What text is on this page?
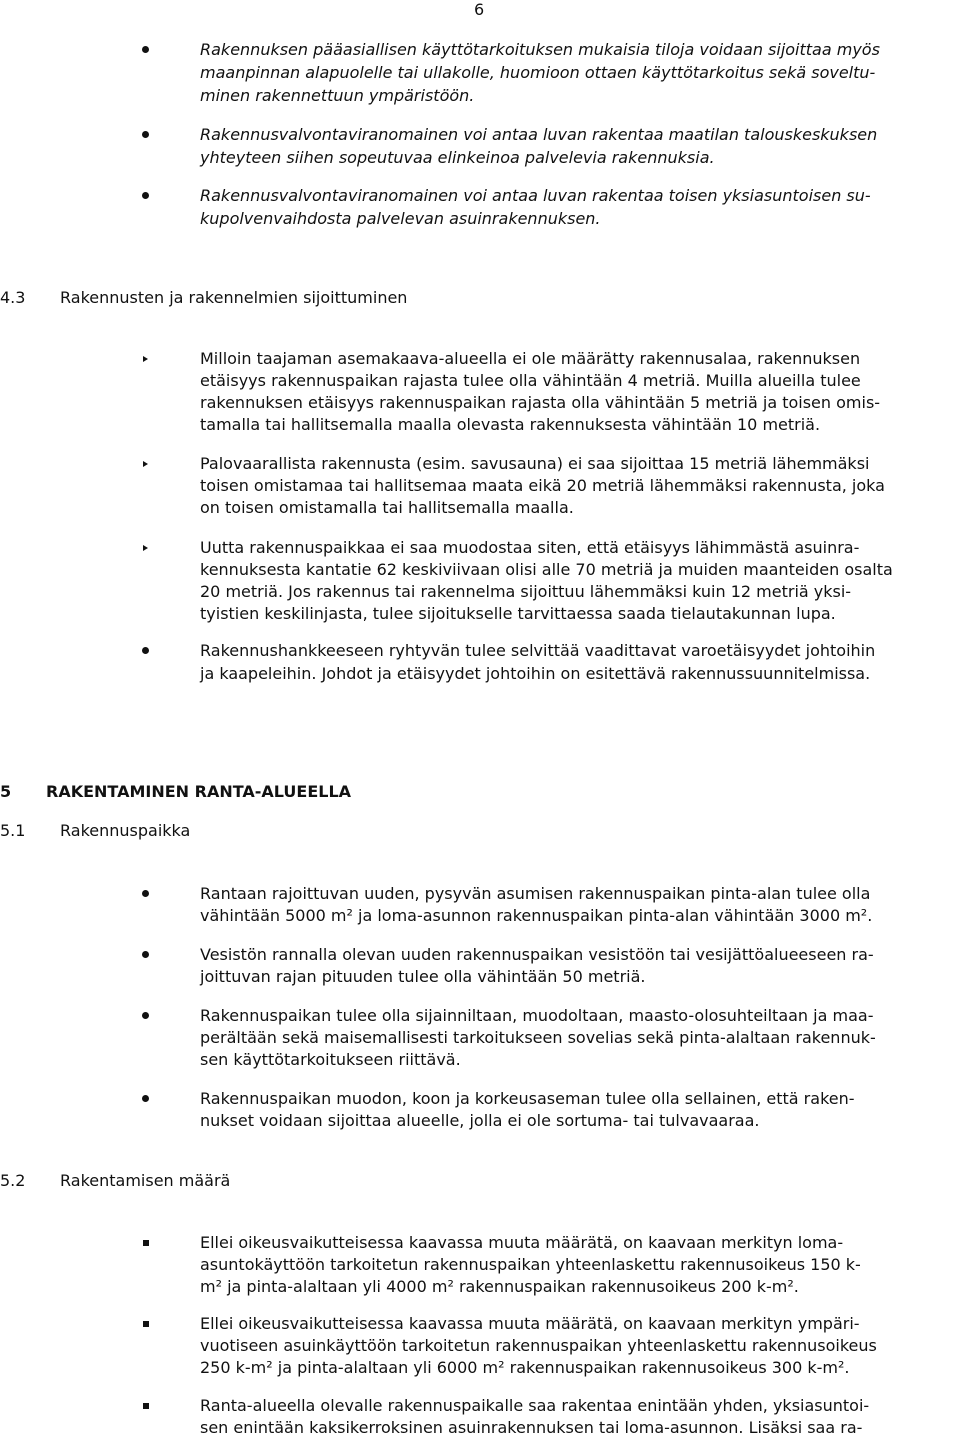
6
Rakennuksen pääasiallisen käyttötarkoituksen mukaisia tiloja voidaan sijoittaa myös
maanpinnan alapuolelle tai ullakolle, huomioon ottaen käyttötarkoitus sekä soveltu-
minen rakennettuun ympäristöön.
Rakennusvalvontaviranomainen voi antaa luvan rakentaa maatilan talouskeskuksen
yhteyteen siihen sopeutuvaa elinkeinoa palvelevia rakennuksia.
Rakennusvalvontaviranomainen voi antaa luvan rakentaa toisen yksiasuntoisen su-
kupolvenvaihdosta palvelevan asuinrakennuksen.
4.3 Rakennusten ja rakennelmien sijoittuminen
Milloin taajaman asemakaava-alueella ei ole määrätty rakennusalaa, rakennuksen
etäisyys rakennuspaikan rajasta tulee olla vähintään 4 metriä. Muilla alueilla tulee
rakennuksen etäisyys rakennuspaikan rajasta olla vähintään 5 metriä ja toisen omis-
tamalla tai hallitsemalla maalla olevasta rakennuksesta vähintään 10 metriä.
Palovaarallista rakennusta (esim. savusauna) ei saa sijoittaa 15 metriä lähemmäksi
toisen omistamaa tai hallitsemaa maata eikä 20 metriä lähemmäksi rakennusta, joka
on toisen omistamalla tai hallitsemalla maalla.
Uutta rakennuspaikkaa ei saa muodostaa siten, että etäisyys lähimmästä asuinra-
kennuksesta kantatie 62 keskiviivaan olisi alle 70 metriä ja muiden maanteiden osalta
20 metriä. Jos rakennus tai rakennelma sijoittuu lähemmäksi kuin 12 metriä yksi-
tyistien keskilinjasta, tulee sijoitukselle tarvittaessa saada tielautakunnan lupa.
Rakennushankkeeseen ryhtyvän tulee selvittää vaadittavat varoetäisyydet johtoihin
ja kaapeleihin. Johdot ja etäisyydet johtoihin on esitettävä rakennussuunnitelmissa.
5 RAKENTAMINEN RANTA-ALUEELLA
5.1 Rakennuspaikka
Rantaan rajoittuvan uuden, pysyvän asumisen rakennuspaikan pinta-alan tulee olla
vähintään 5000 m² ja loma-asunnon rakennuspaikan pinta-alan vähintään 3000 m².
Vesistön rannalla olevan uuden rakennuspaikan vesistöön tai vesijättöalueeseen ra-
joittuvan rajan pituuden tulee olla vähintään 50 metriä.
Rakennuspaikan tulee olla sijainniltaan, muodoltaan, maasto-olosuhteiltaan ja maa-
perältään sekä maisemallisesti tarkoitukseen sovelias sekä pinta-alaltaan rakennuk-
sen käyttötarkoitukseen riittävä.
Rakennuspaikan muodon, koon ja korkeusaseman tulee olla sellainen, että raken-
nukset voidaan sijoittaa alueelle, jolla ei ole sortuma- tai tulvavaaraa.
5.2 Rakentamisen määrä
Ellei oikeusvaikutteisessa kaavassa muuta määrätä, on kaavaan merkityn loma-
asuntokäyttöön tarkoitetun rakennuspaikan yhteenlaskettu rakennusoikeus 150 k-
m² ja pinta-alaltaan yli 4000 m² rakennuspaikan rakennusoikeus 200 k-m².
Ellei oikeusvaikutteisessa kaavassa muuta määrätä, on kaavaan merkityn ympäri-
vuotiseen asuinkäyttöön tarkoitetun rakennuspaikan yhteenlaskettu rakennusoikeus
250 k-m² ja pinta-alaltaan yli 6000 m² rakennuspaikan rakennusoikeus 300 k-m².
Ranta-alueella olevalle rakennuspaikalle saa rakentaa enintään yhden, yksiasuntoi-
sen enintään kaksikerroksinen asuinrakennuksen tai loma-asunnon. Lisäksi saa ra-
